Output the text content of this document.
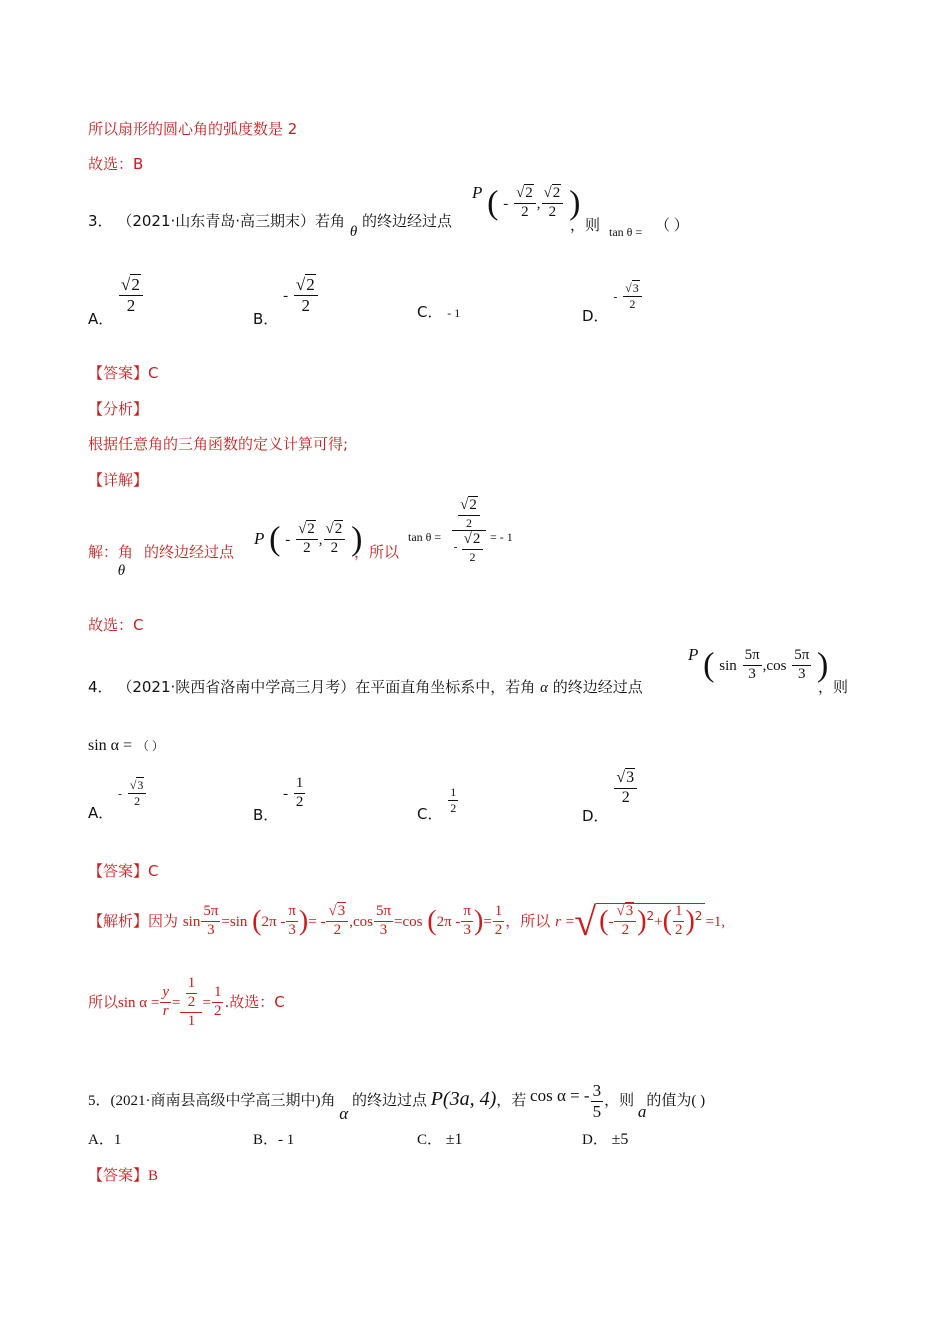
所以扇形的圆心角的弧度数是 2
故选：B
3． （2021·山东青岛·高三期末）若角 θ 的终边经过点
P ( - $\frac{√2}{2}$ , $\frac{√2}{2}$ )
，则 tan θ = （ ）
A．
$\frac{√2}{2}$
B． - $\frac{√2}{2}$	C． - 1	D． - $\frac{√3}{2}$
【答案】C
【分析】
根据任意角的三角函数的定义计算可得;
【详解】
解：角 θ 的终边经过点
P ( - $\frac{√2}{2}$ , $\frac{√2}{2}$ )
，所以
tan θ =
$\frac{√2}{2}$
- $\frac{√2}{2}$ = - 1
故选：C
4． （2021·陕西省洛南中学高三月考）在平面直角坐标系中，若角 α 的终边经过点
P ( $\sin \frac{5\pi}{3} ,\cos \frac{5\pi}{3}$ )
，则
sin α = （ ）
A． - $\frac{√3}{2}$
B． - $\frac{1}{2}$
C． $\frac{1}{2}$
D．
$\frac{√3}{2}$
【答案】C
【解析】因为 $\sin \frac{5\pi}{3} =\sin$ ($2\pi - \frac{\pi}{3}$ )= - $\frac{√3}{2} ,\cos \frac{5\pi}{3} =\cos$ ($2\pi - \frac{\pi}{3}$ )= $\frac{1}{2}$ ，所以 r =√ (- $\frac{√3}{2} )^2+( \frac{1}{2} )^2 =1$,
所以$\sin \alpha = \frac{y}{r} = \frac{\frac{1}{2}}{1} = \frac{1}{2}$ .故选：C
5．(2021·商南县高级中学高三期中)角 α 的终边过点 P(3a, 4)，若 cos α = - $\frac{3}{5}$ ，则 a的值为( )
A．1	B．- 1	C． ±1	D． ±5
【答案】B
